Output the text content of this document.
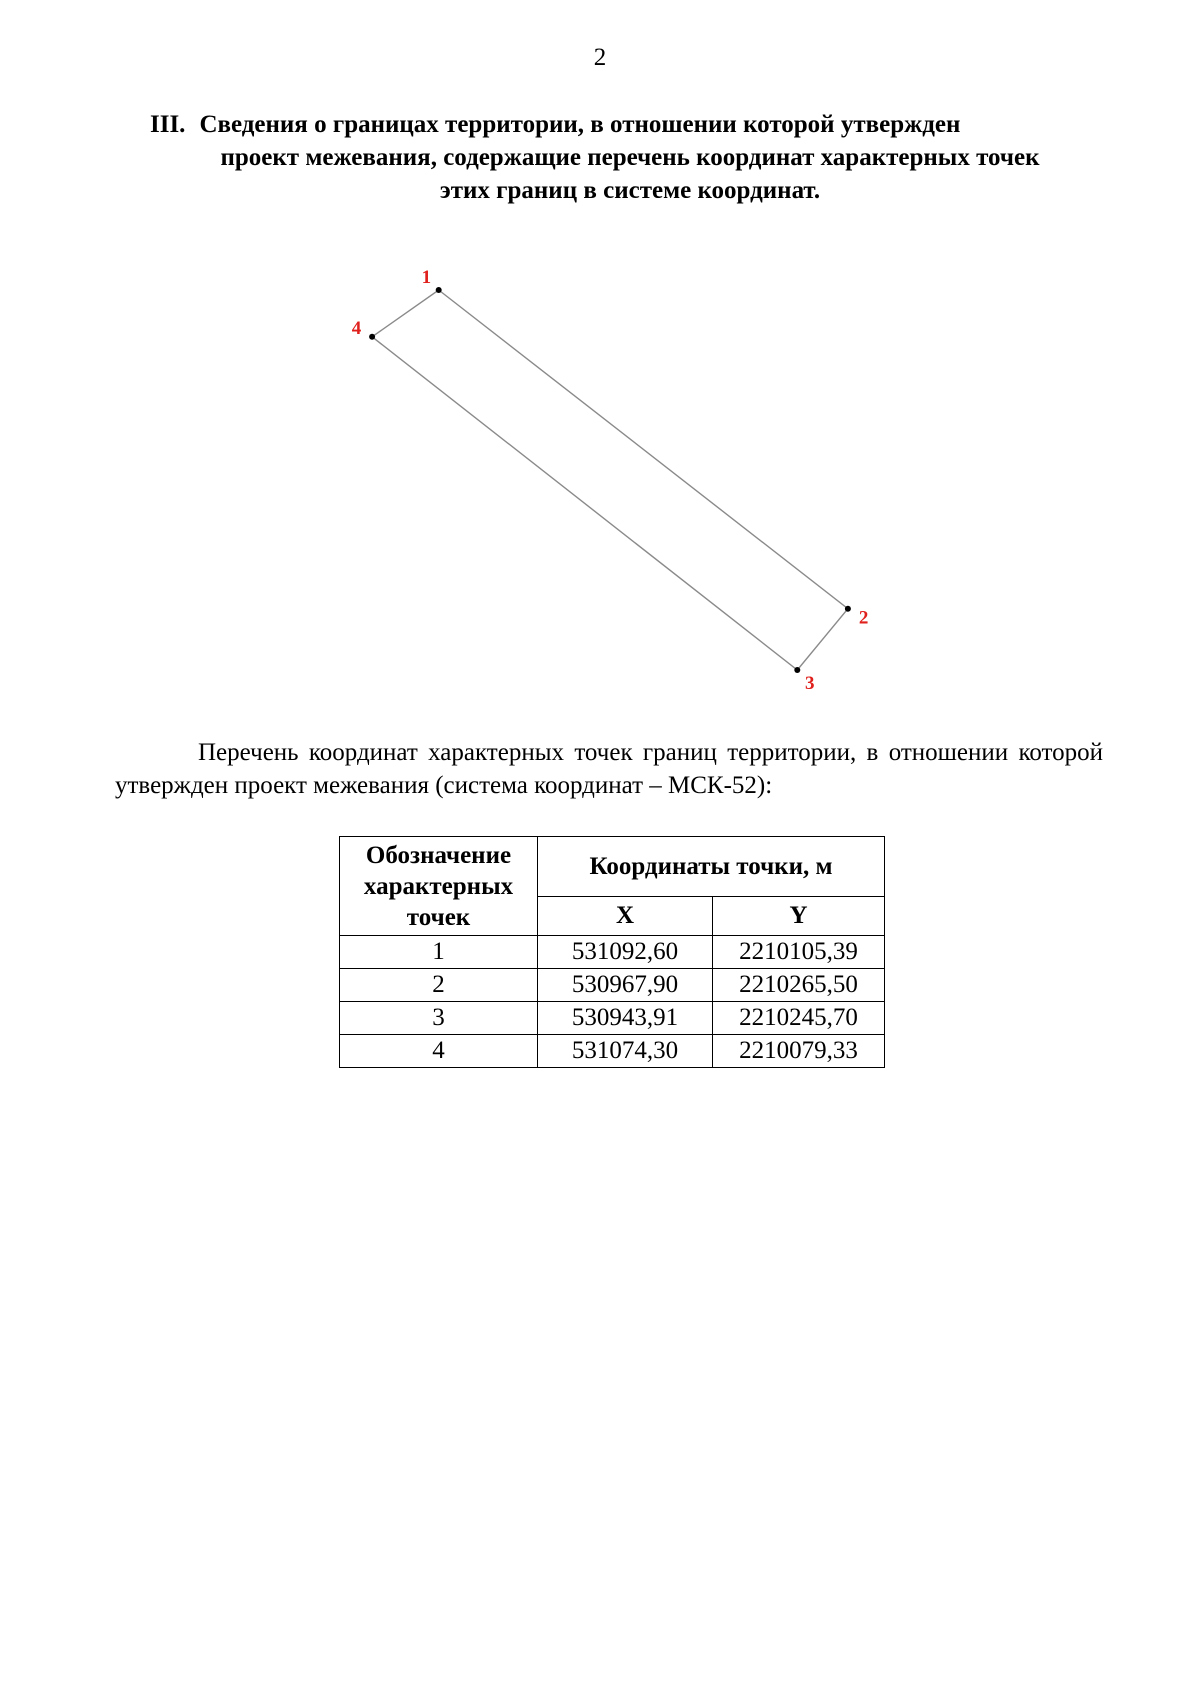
2
III. Сведения о границах территории, в отношении которой утвержден
проект межевания, содержащие перечень координат характерных точек
этих границ в системе координат.
1
2
3
4

Перечень координат характерных точек границ территории, в отношении которой утвержден проект межевания (система координат – МСК-52):

Обозначение характерных точек	Координаты точки, м	
	X	Y
1	531092,60	2210105,39
2	530967,90	2210265,50
3	530943,91	2210245,70
4	531074,30	2210079,33
